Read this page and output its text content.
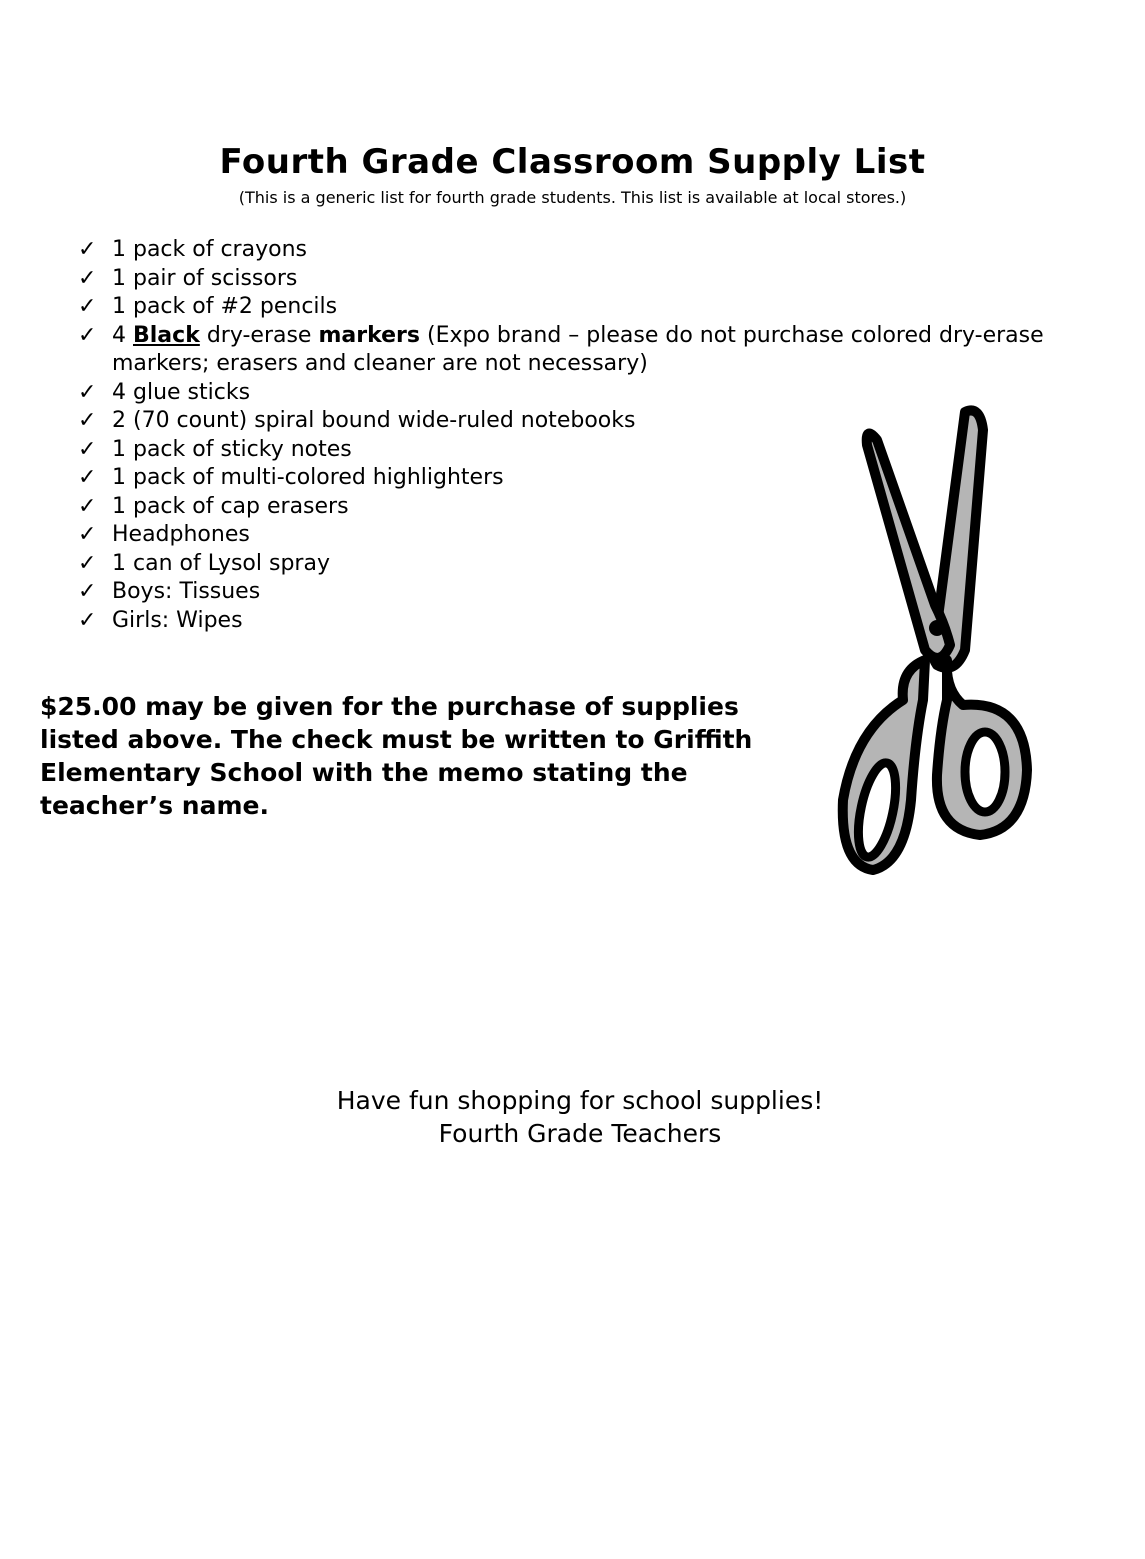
Fourth Grade Classroom Supply List
(This is a generic list for fourth grade students. This list is available at local stores.)
✓ 1 pack of crayons
✓ 1 pair of scissors
✓ 1 pack of #2 pencils
✓ 4 Black dry-erase markers (Expo brand – please do not purchase colored dry-erase markers; erasers and cleaner are not necessary)
✓ 4 glue sticks
✓ 2 (70 count) spiral bound wide-ruled notebooks
✓ 1 pack of sticky notes
✓ 1 pack of multi-colored highlighters
✓ 1 pack of cap erasers
✓ Headphones
✓ 1 can of Lysol spray
✓ Boys: Tissues
✓ Girls: Wipes
$25.00 may be given for the purchase of supplies listed above. The check must be written to Griffith Elementary School with the memo stating the teacher’s name.
Have fun shopping for school supplies!
Fourth Grade Teachers
